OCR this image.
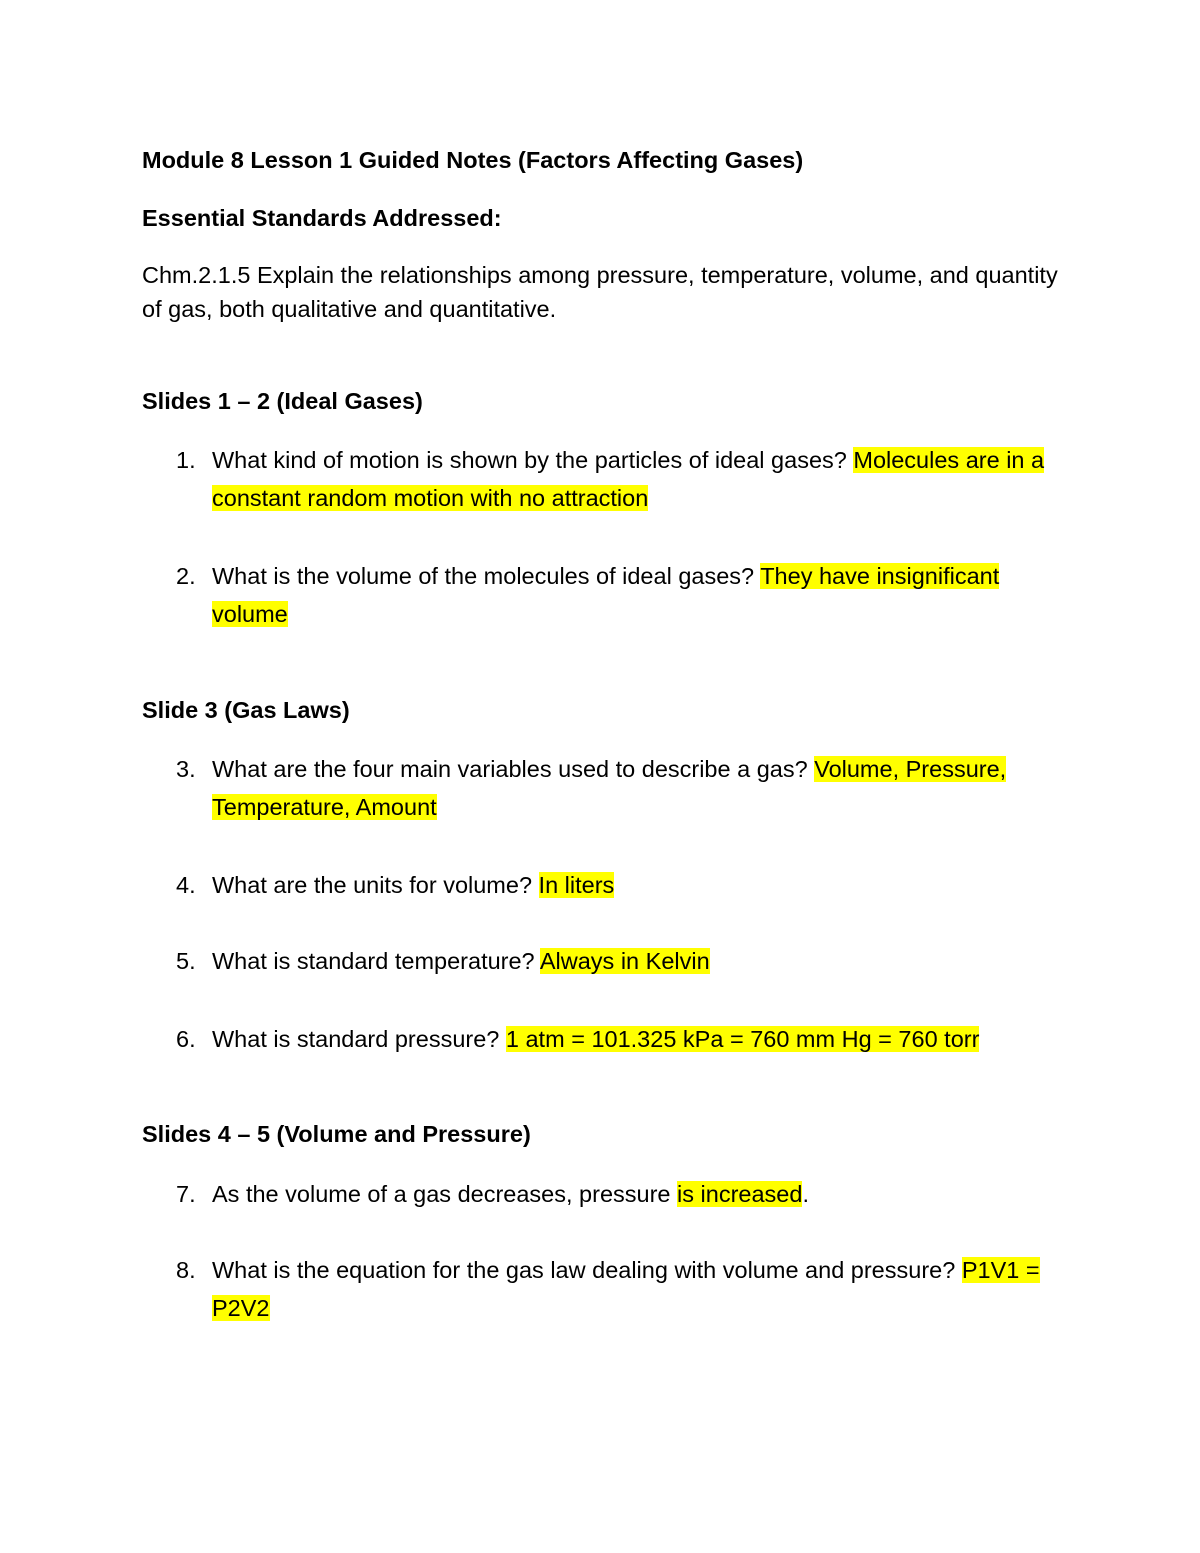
Module 8 Lesson 1 Guided Notes (Factors Affecting Gases)
Essential Standards Addressed:
Chm.2.1.5 Explain the relationships among pressure, temperature, volume, and quantity of gas, both qualitative and quantitative.
Slides 1 – 2 (Ideal Gases)
1. What kind of motion is shown by the particles of ideal gases? Molecules are in a constant random motion with no attraction
2. What is the volume of the molecules of ideal gases? They have insignificant volume
Slide 3 (Gas Laws)
3. What are the four main variables used to describe a gas? Volume, Pressure, Temperature, Amount
4. What are the units for volume? In liters
5. What is standard temperature? Always in Kelvin
6. What is standard pressure? 1 atm = 101.325 kPa = 760 mm Hg = 760 torr
Slides 4 – 5 (Volume and Pressure)
7. As the volume of a gas decreases, pressure is increased.
8. What is the equation for the gas law dealing with volume and pressure? P1V1 = P2V2
